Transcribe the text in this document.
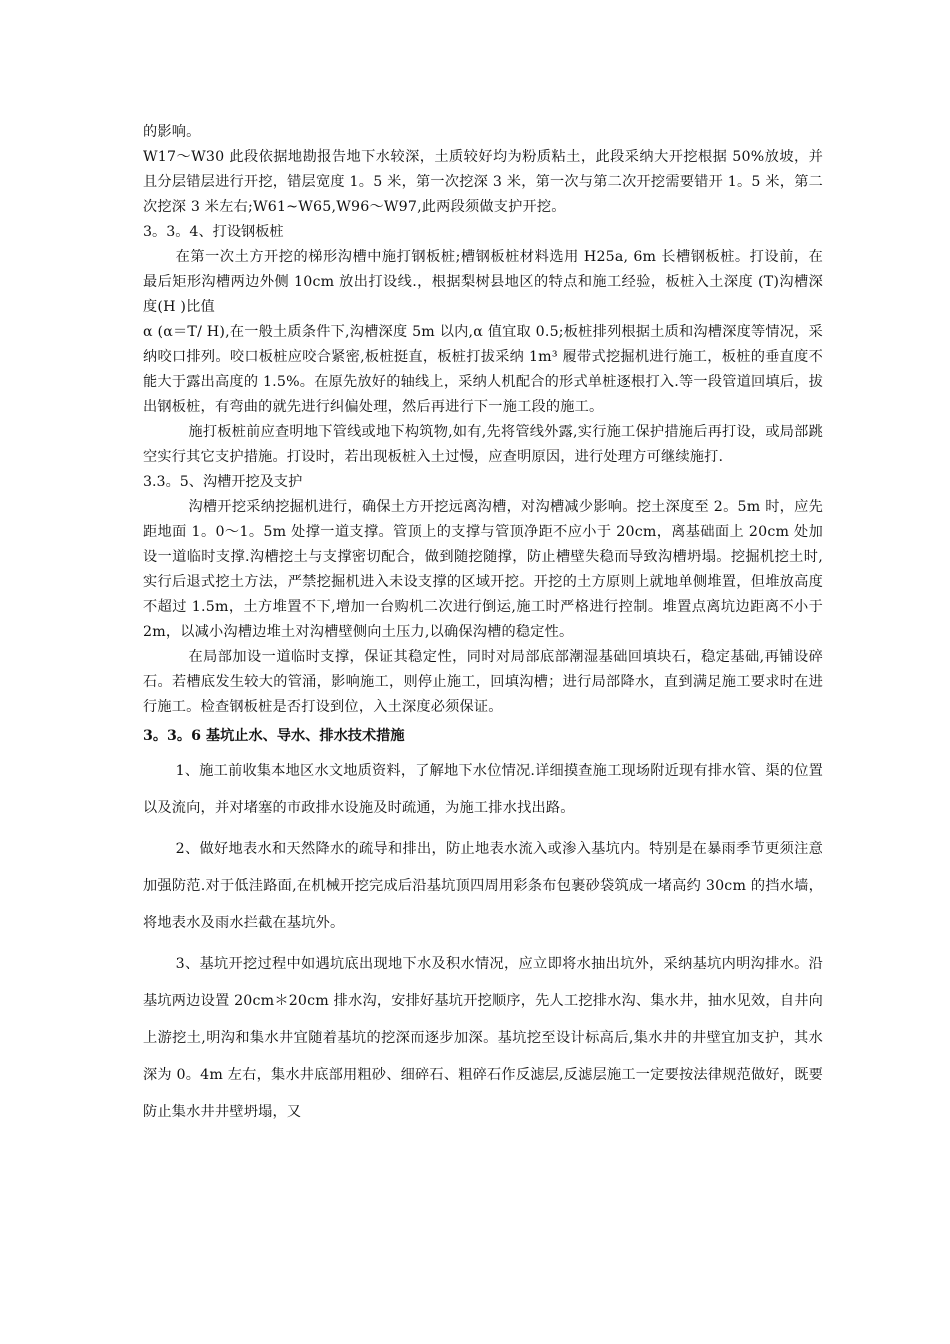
的影响。

W17～W30 此段依据地勘报告地下水较深，土质较好均为粉质粘土，此段采纳大开挖根据 50%放坡，并且分层错层进行开挖，错层宽度 1。5 米，第一次挖深 3 米，第一次与第二次开挖需要错开 1。5 米，第二次挖深 3 米左右;W61~W65,W96～W97,此两段须做支护开挖。

3。3。4、打设钢板桩

在第一次土方开挖的梯形沟槽中施打钢板桩;槽钢板桩材料选用 H25a, 6m 长槽钢板桩。打设前，在最后矩形沟槽两边外侧 10cm 放出打设线.，根据梨树县地区的特点和施工经验，板桩入土深度 (T)沟槽深度(H )比值

α (α＝T/ H),在一般土质条件下,沟槽深度 5m 以内,α 值宜取 0.5;板桩排列根据土质和沟槽深度等情况，采纳咬口排列。咬口板桩应咬合紧密,板桩挺直，板桩打拔采纳 1m³ 履带式挖掘机进行施工，板桩的垂直度不能大于露出高度的 1.5%。在原先放好的轴线上，采纳人机配合的形式单桩逐根打入.等一段管道回填后，拔出钢板桩，有弯曲的就先进行纠偏处理，然后再进行下一施工段的施工。

施打板桩前应查明地下管线或地下构筑物,如有,先将管线外露,实行施工保护措施后再打设，或局部跳空实行其它支护措施。打设时，若出现板桩入土过慢，应查明原因，进行处理方可继续施打.

3.3。5、沟槽开挖及支护

沟槽开挖采纳挖掘机进行，确保土方开挖远离沟槽，对沟槽减少影响。挖土深度至 2。5m 时，应先距地面 1。0～1。5m 处撑一道支撑。管顶上的支撑与管顶净距不应小于 20cm，离基础面上 20cm 处加设一道临时支撑.沟槽挖土与支撑密切配合，做到随挖随撑，防止槽壁失稳而导致沟槽坍塌。挖掘机挖土时,实行后退式挖土方法，严禁挖掘机进入未设支撑的区域开挖。开挖的土方原则上就地单侧堆置，但堆放高度不超过 1.5m，土方堆置不下,增加一台购机二次进行倒运,施工时严格进行控制。堆置点离坑边距离不小于 2m，以减小沟槽边堆土对沟槽壁侧向土压力,以确保沟槽的稳定性。

在局部加设一道临时支撑，保证其稳定性，同时对局部底部潮湿基础回填块石，稳定基础,再铺设碎石。若槽底发生较大的管涌，影响施工，则停止施工，回填沟槽；进行局部降水，直到满足施工要求时在进行施工。检查钢板桩是否打设到位，入土深度必须保证。

3。3。6 基坑止水、导水、排水技术措施

1、施工前收集本地区水文地质资料，了解地下水位情况.详细摸查施工现场附近现有排水管、渠的位置以及流向，并对堵塞的市政排水设施及时疏通，为施工排水找出路。

2、做好地表水和天然降水的疏导和排出，防止地表水流入或渗入基坑内。特别是在暴雨季节更须注意加强防范.对于低洼路面,在机械开挖完成后沿基坑顶四周用彩条布包裹砂袋筑成一堵高约 30cm 的挡水墙，将地表水及雨水拦截在基坑外。

3、基坑开挖过程中如遇坑底出现地下水及积水情况，应立即将水抽出坑外，采纳基坑内明沟排水。沿基坑两边设置 20cm＊20cm 排水沟，安排好基坑开挖顺序，先人工挖排水沟、集水井，抽水见效，自井向上游挖土,明沟和集水井宜随着基坑的挖深而逐步加深。基坑挖至设计标高后,集水井的井壁宜加支护，其水深为 0。4m 左右，集水井底部用粗砂、细碎石、粗碎石作反滤层,反滤层施工一定要按法律规范做好，既要防止集水井井壁坍塌，又
